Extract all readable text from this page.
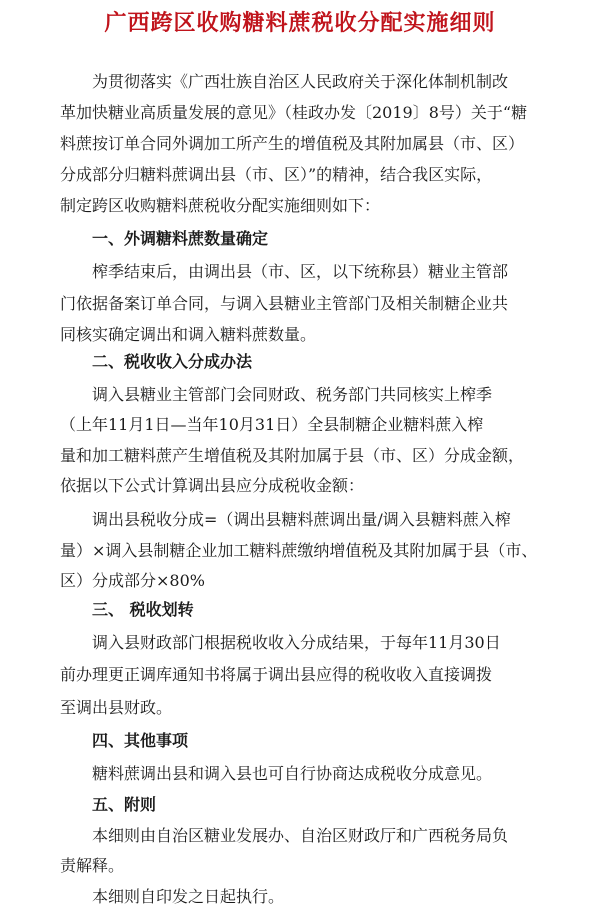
广西跨区收购糖料蔗税收分配实施细则
为贯彻落实《广西壮族自治区人民政府关于深化体制机制改
革加快糖业高质量发展的意见》（桂政办发〔2019〕8号）关于“糖
料蔗按订单合同外调加工所产生的增值税及其附加属县（市、区）
分成部分归糖料蔗调出县（市、区）”的精神，结合我区实际，
制定跨区收购糖料蔗税收分配实施细则如下：
一、外调糖料蔗数量确定
榨季结束后，由调出县（市、区，以下统称县）糖业主管部
门依据备案订单合同，与调入县糖业主管部门及相关制糖企业共
同核实确定调出和调入糖料蔗数量。
二、税收收入分成办法
调入县糖业主管部门会同财政、税务部门共同核实上榨季
（上年11月1日—当年10月31日）全县制糖企业糖料蔗入榨
量和加工糖料蔗产生增值税及其附加属于县（市、区）分成金额，
依据以下公式计算调出县应分成税收金额：
调出县税收分成=（调出县糖料蔗调出量/调入县糖料蔗入榨
量）×调入县制糖企业加工糖料蔗缴纳增值税及其附加属于县（市、
区）分成部分×80%
三、 税收划转
调入县财政部门根据税收收入分成结果，于每年11月30日
前办理更正调库通知书将属于调出县应得的税收收入直接调拨
至调出县财政。
四、其他事项
糖料蔗调出县和调入县也可自行协商达成税收分成意见。
五、附则
本细则由自治区糖业发展办、自治区财政厅和广西税务局负
责解释。
本细则自印发之日起执行。
